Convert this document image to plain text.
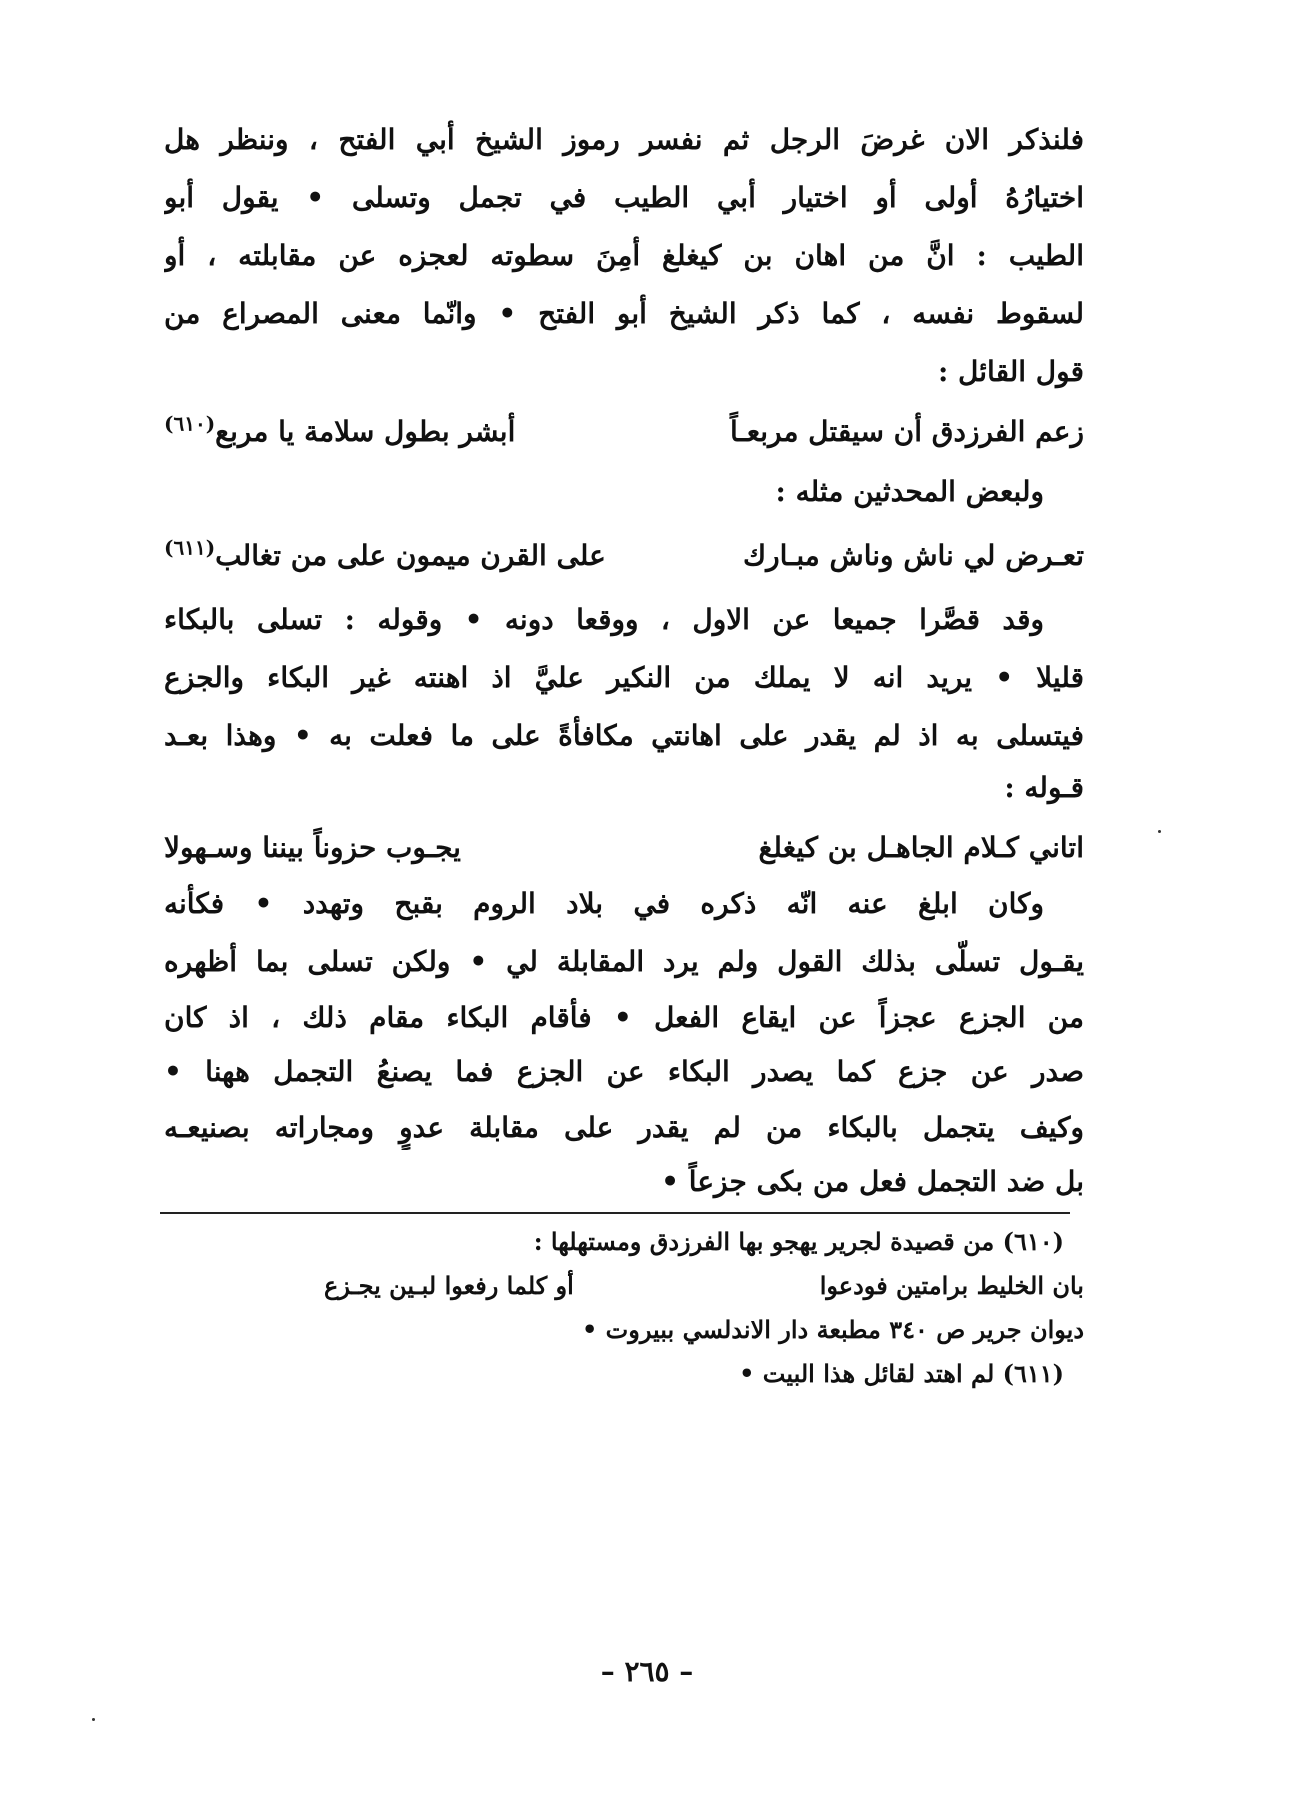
فلنذكر الان غرضَ الرجل ثم نفسر رموز الشيخ أبي الفتح ، وننظر هل
اختيارُهُ أولى أو اختيار أبي الطيب في تجمل وتسلى • يقول أبو
الطيب : انَّ من اهان بن كيغلغ أمِنَ سطوته لعجزه عن مقابلته ، أو
لسقوط نفسه ، كما ذكر الشيخ أبو الفتح • وانّما معنى المصراع من
قول القائل :
زعم الفرزدق أن سيقتل مربعـاً
أبشر بطول سلامة يا مربع$^{(٦١٠)}$
ولبعض المحدثين مثله :
تعـرض لي ناش وناش مبـارك
على القرن ميمون على من تغالب$^{(٦١١)}$
وقد قصَّرا جميعا عن الاول ، ووقعا دونه • وقوله : تسلى بالبكاء
قليلا • يريد انه لا يملك من النكير عليَّ اذ اهنته غير البكاء والجزع
فيتسلى به اذ لم يقدر على اهانتي مكافأةً على ما فعلت به • وهذا بعـد
قـوله :
اتاني كـلام الجاهـل بن كيغلغ
يجـوب حزوناً بيننا وسـهولا
وكان ابلغ عنه انّه ذكره في بلاد الروم بقبح وتهدد • فكأنه
يقـول تسلّى بذلك القول ولم يرد المقابلة لي • ولكن تسلى بما أظهره
من الجزع عجزاً عن ايقاع الفعل • فأقام البكاء مقام ذلك ، اذ كان
صدر عن جزع كما يصدر البكاء عن الجزع فما يصنعُ التجمل ههنا •
وكيف يتجمل بالبكاء من لم يقدر على مقابلة عدوٍ ومجاراته بصنيعـه
بل ضد التجمل فعل من بكى جزعاً •
(٦١٠) من قصيدة لجرير يهجو بها الفرزدق ومستهلها :
بان الخليط برامتين فودعوا
أو كلما رفعوا لبـين يجـزع
ديوان جرير ص ٣٤٠ مطبعة دار الاندلسي ببيروت •
(٦١١) لم اهتد لقائل هذا البيت •
– ٢٦٥ –
